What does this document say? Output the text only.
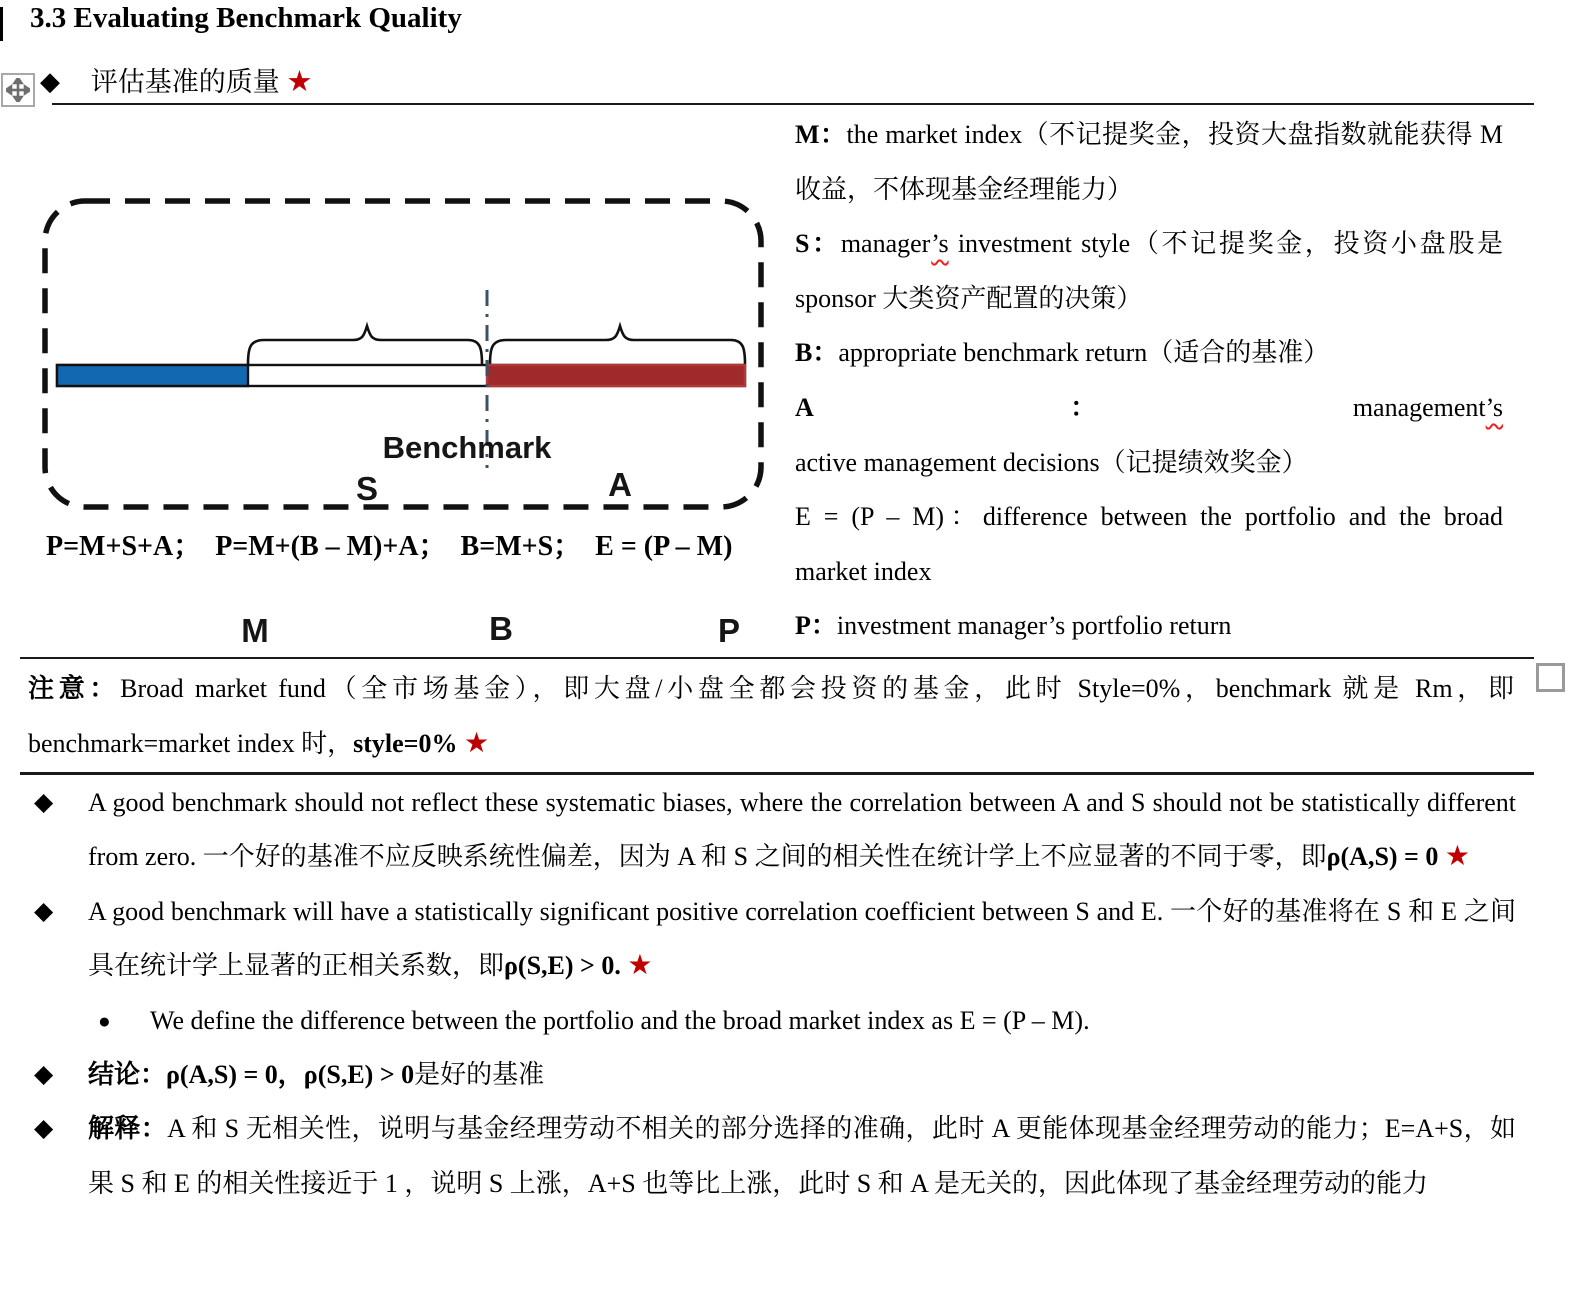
3.3 Evaluating Benchmark Quality
◆ 评估基准的质量 ★
Benchmark
S	A
M	B	P
P=M+S+A；  P=M+(B – M)+A；  B=M+S；  E = (P – M)

M：the market index（不记提奖金，投资大盘指数就能获得 M 收益，不体现基金经理能力）

S：manager’s investment style（不记提奖金，投资小盘股是 sponsor 大类资产配置的决策）

B：appropriate benchmark return（适合的基准）

A：management’s active management decisions（记提绩效奖金）

E = (P – M)：difference between the portfolio and the broad market index

P：investment manager’s portfolio return

注意：Broad market fund（全市场基金），即大盘/小盘全都会投资的基金，此时 Style=0%，benchmark 就是 Rm，即 benchmark=market index 时，style=0% ★

◆ A good benchmark should not reflect these systematic biases, where the correlation between A and S should not be statistically different from zero. 一个好的基准不应反映系统性偏差，因为 A 和 S 之间的相关性在统计学上不应显著的不同于零，即ρ(A,S) = 0 ★

◆ A good benchmark will have a statistically significant positive correlation coefficient between S and E. 一个好的基准将在 S 和 E 之间具在统计学上显著的正相关系数，即ρ(S,E) > 0. ★

● We define the difference between the portfolio and the broad market index as E = (P – M).

◆ 结论：ρ(A,S) = 0，ρ(S,E) > 0是好的基准

◆ 解释：A 和 S 无相关性，说明与基金经理劳动不相关的部分选择的准确，此时 A 更能体现基金经理劳动的能力；E=A+S，如果 S 和 E 的相关性接近于 1 ，说明 S 上涨，A+S 也等比上涨，此时 S 和 A 是无关的，因此体现了基金经理劳动的能力
